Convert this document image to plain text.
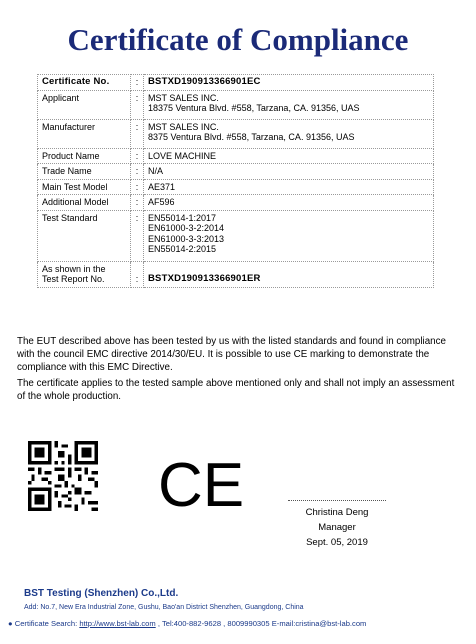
Certificate of Compliance
Certificate No.	:	BSTXD190913366901EC
Applicant	:	MST SALES INC.
18375 Ventura Blvd. #558, Tarzana, CA. 91356, UAS

Manufacturer	:	MST SALES INC.
8375 Ventura Blvd. #558, Tarzana, CA. 91356, UAS

Product Name	:	LOVE MACHINE
Trade Name	:	N/A
Main Test Model	:	AE371
Additional Model	:	AF596
Test Standard	:	EN55014-1:2017
EN61000-3-2:2014
EN61000-3-3:2013
EN55014-2:2015

As shown in the
Test Report No.	:	BSTXD190913366901ER
The EUT described above has been tested by us with the listed standards and found in compliance with the council EMC directive 2014/30/EU. It is possible to use CE marking to demonstrate the compliance with this EMC Directive.
The certificate applies to the tested sample above mentioned only and shall not imply an assessment of the whole production.
CE	Christina Deng
Manager
Sept. 05, 2019
BST Testing (Shenzhen) Co.,Ltd.
Add: No.7, New Era Industrial Zone, Gushu, Bao'an District Shenzhen, Guangdong, China
● Certificate Search: http://www.bst-lab.com , Tel:400-882-9628 , 8009990305 E-mail:cristina@bst-lab.com
